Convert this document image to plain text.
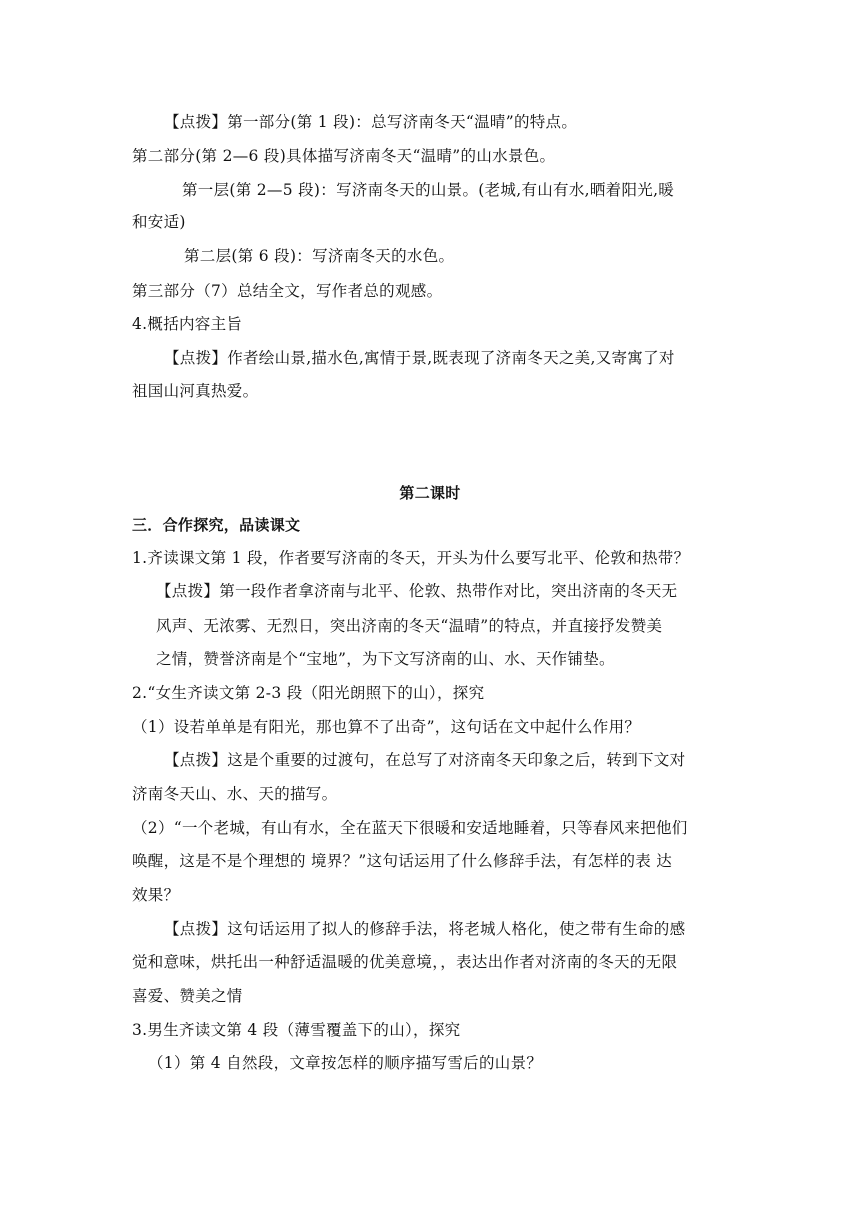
【点拨】第一部分(第 1 段)：总写济南冬天“温晴”的特点。
第二部分(第 2—6 段)具体描写济南冬天“温晴”的山水景色。
第一层(第 2—5 段)：写济南冬天的山景。(老城,有山有水,晒着阳光,暖
和安适)
第二层(第 6 段)：写济南冬天的水色。
第三部分（7）总结全文，写作者总的观感。
4.概括内容主旨
【点拨】作者绘山景,描水色,寓情于景,既表现了济南冬天之美,又寄寓了对
祖国山河真热爱。
第二课时
三．合作探究，品读课文
1.齐读课文第 1 段，作者要写济南的冬天，开头为什么要写北平、伦敦和热带？
【点拨】第一段作者拿济南与北平、伦敦、热带作对比，突出济南的冬天无
风声、无浓雾、无烈日，突出济南的冬天“温晴”的特点，并直接抒发赞美
之情，赞誉济南是个“宝地”，为下文写济南的山、水、天作铺垫。
2.“女生齐读文第 2-3 段（阳光朗照下的山），探究
（1）设若单单是有阳光，那也算不了出奇”，这句话在文中起什么作用？
【点拨】这是个重要的过渡句，在总写了对济南冬天印象之后，转到下文对
济南冬天山、水、天的描写。
（2）“一个老城，有山有水，全在蓝天下很暖和安适地睡着，只等春风来把他们
唤醒，这是不是个理想的 境界？”这句话运用了什么修辞手法，有怎样的表 达
效果？
【点拨】这句话运用了拟人的修辞手法，将老城人格化，使之带有生命的感
觉和意味，烘托出一种舒适温暖的优美意境，，表达出作者对济南的冬天的无限
喜爱、赞美之情
3.男生齐读文第 4 段（薄雪覆盖下的山），探究
（1）第 4 自然段，文章按怎样的顺序描写雪后的山景？
